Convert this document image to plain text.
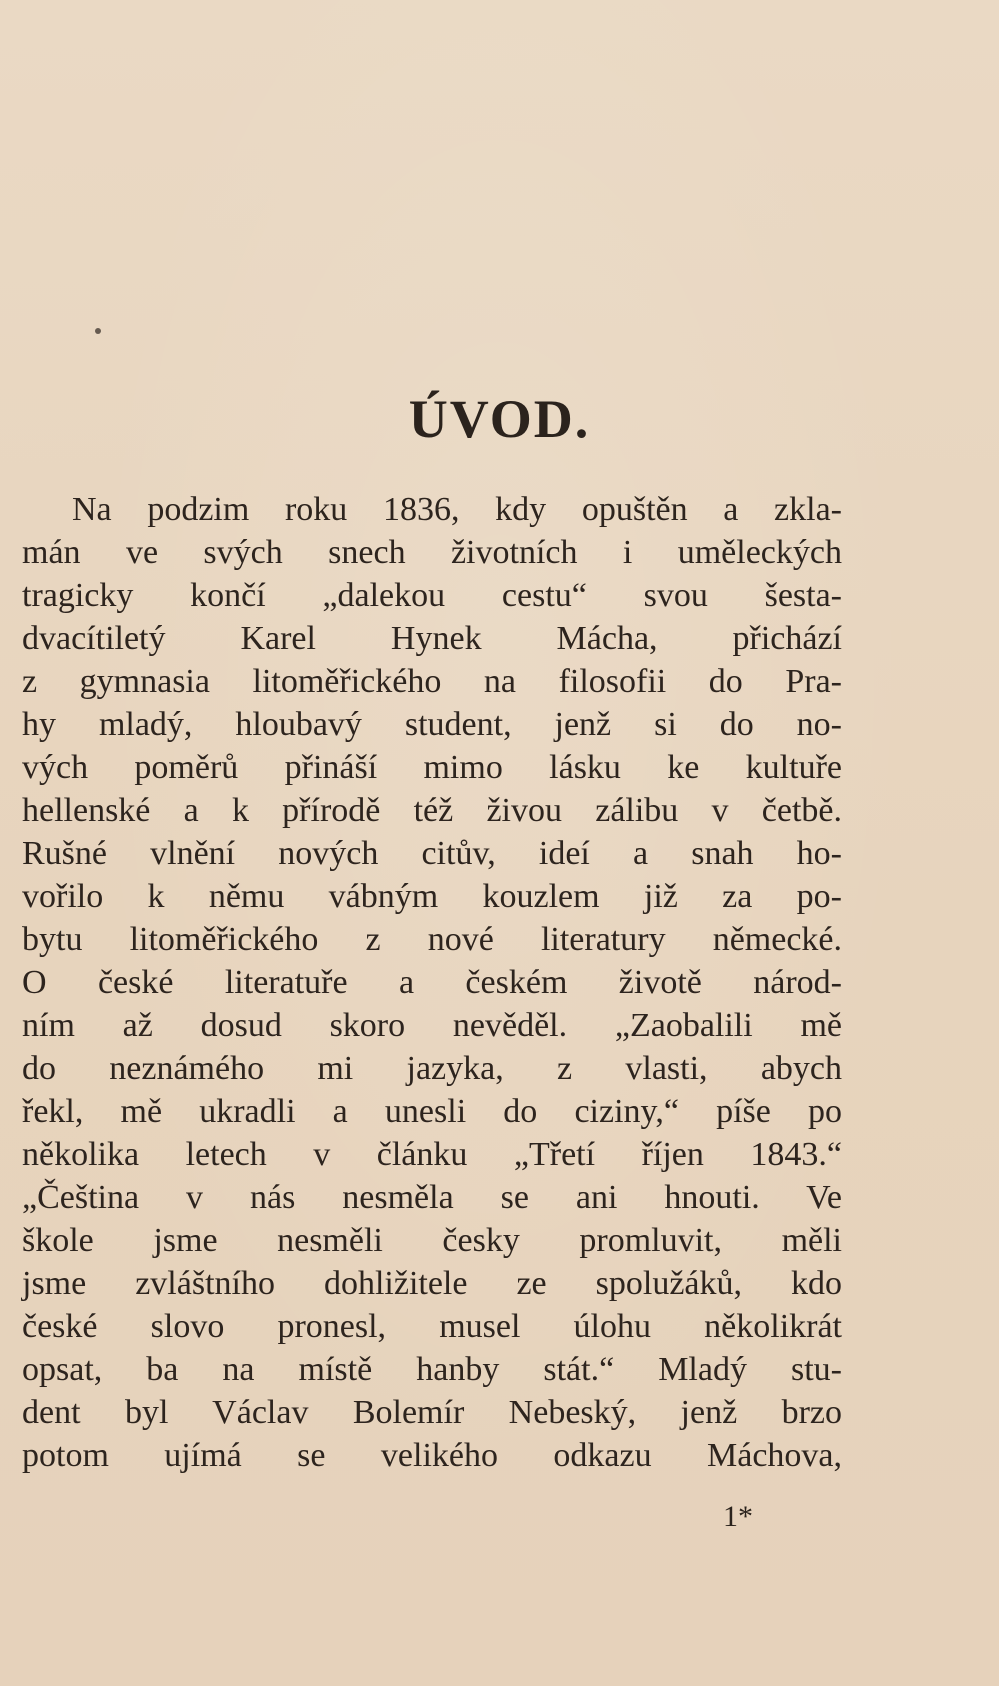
ÚVOD.
Na podzim roku 1836, kdy opuštěn a zkla-
mán ve svých snech životních i uměleckých
tragicky končí „dalekou cestu“ svou šesta-
dvacítiletý Karel Hynek Mácha, přichází
z gymnasia litoměřického na filosofii do Pra-
hy mladý, hloubavý student, jenž si do no-
vých poměrů přináší mimo lásku ke kultuře
hellenské a k přírodě též živou zálibu v četbě.
Rušné vlnění nových citův, ideí a snah ho-
vořilo k němu vábným kouzlem již za po-
bytu litoměřického z nové literatury německé.
O české literatuře a českém životě národ-
ním až dosud skoro nevěděl. „Zaobalili mě
do neznámého mi jazyka, z vlasti, abych
řekl, mě ukradli a unesli do ciziny,“ píše po
několika letech v článku „Třetí říjen 1843.“
„Čeština v nás nesměla se ani hnouti. Ve
škole jsme nesměli česky promluvit, měli
jsme zvláštního dohližitele ze spolužáků, kdo
české slovo pronesl, musel úlohu několikrát
opsat, ba na místě hanby stát.“ Mladý stu-
dent byl Václav Bolemír Nebeský, jenž brzo
potom ujímá se velikého odkazu Máchova,
1*
